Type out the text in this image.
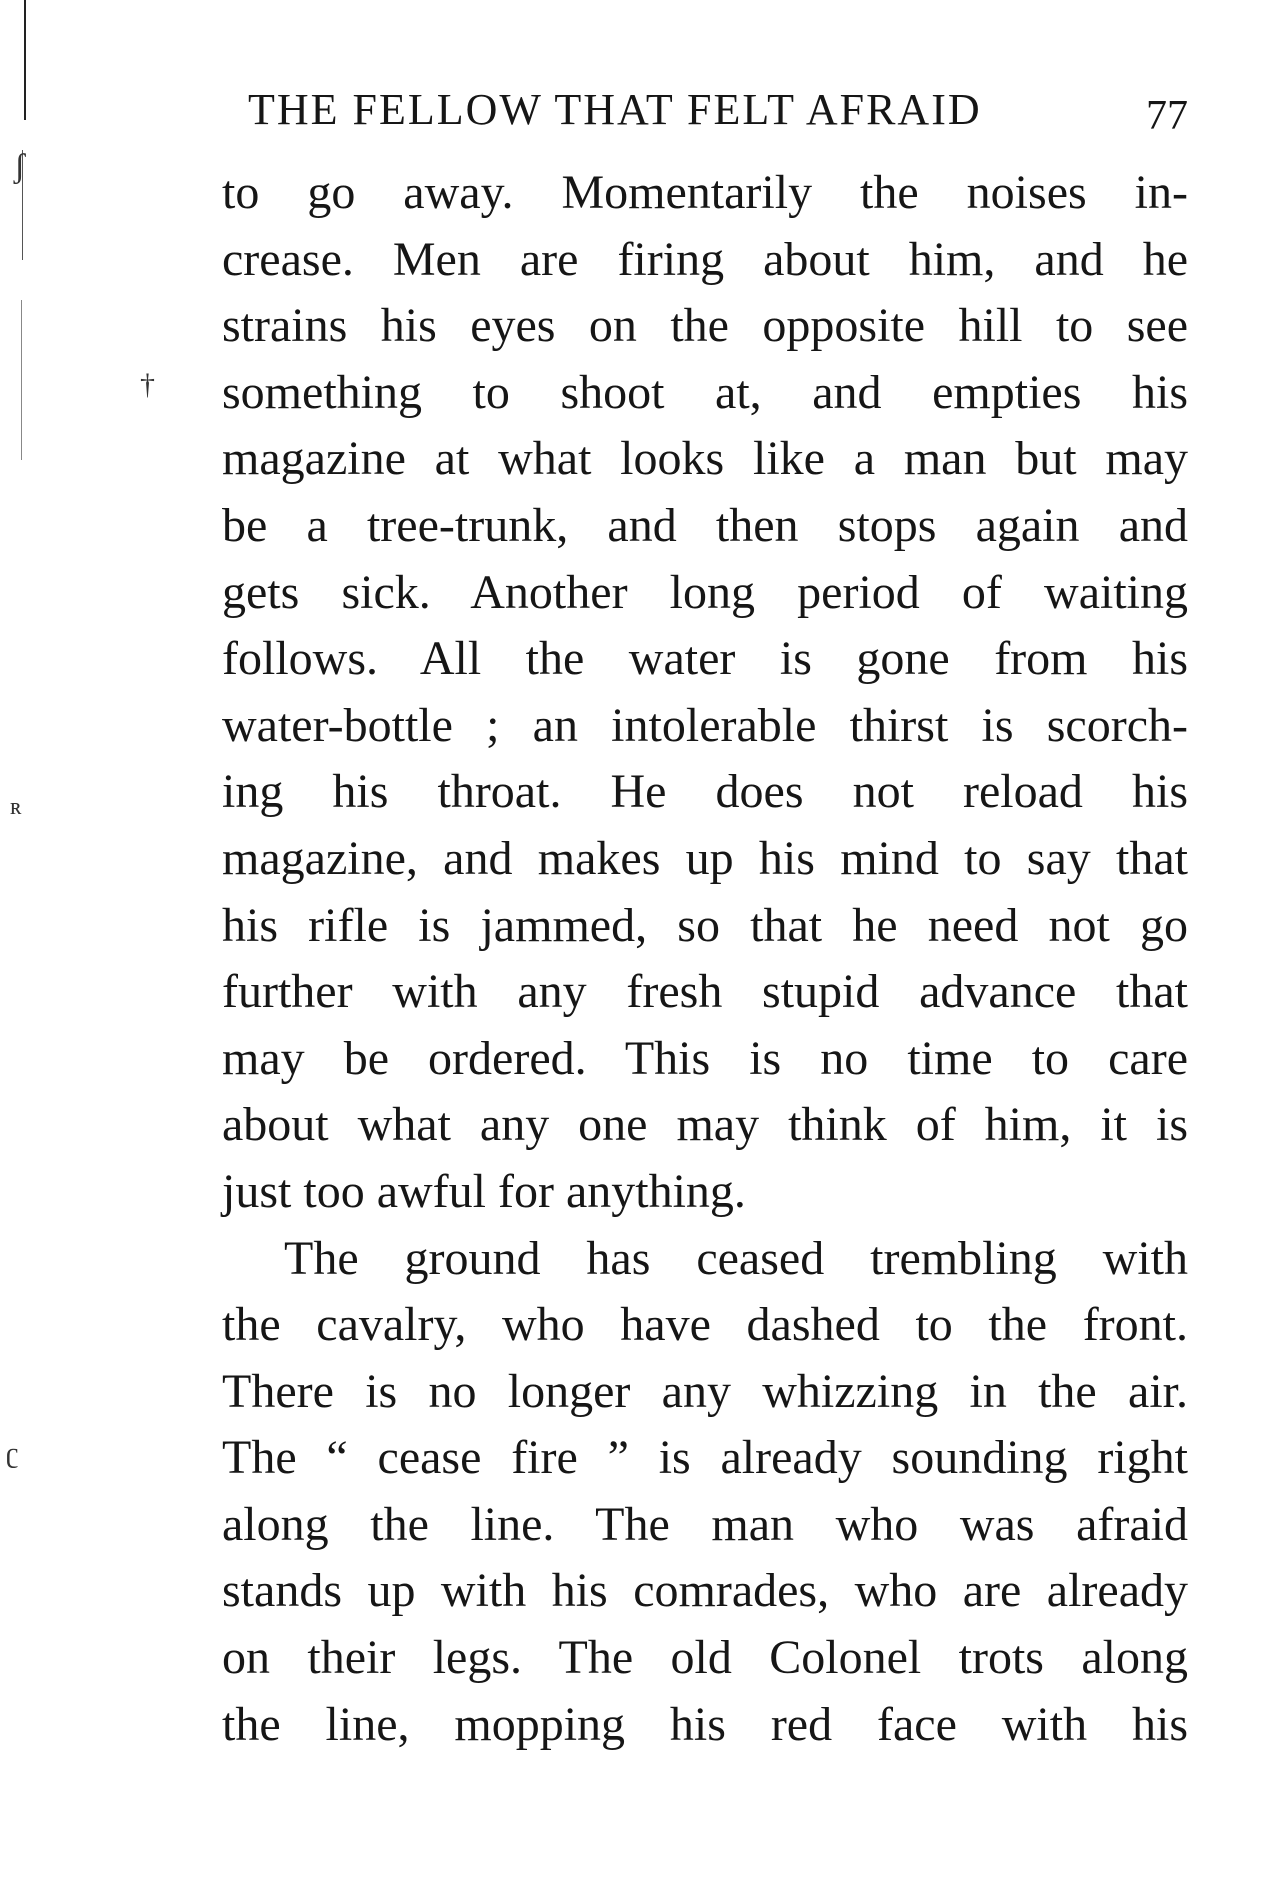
ʃ
†
ʀ
ʗ
THE FELLOW THAT FELT AFRAID	77
to go away. Momentarily the noises in-
crease. Men are firing about him, and he
strains his eyes on the opposite hill to see
something to shoot at, and empties his
magazine at what looks like a man but may
be a tree-trunk, and then stops again and
gets sick. Another long period of waiting
follows. All the water is gone from his
water-bottle ; an intolerable thirst is scorch-
ing his throat. He does not reload his
magazine, and makes up his mind to say that
his rifle is jammed, so that he need not go
further with any fresh stupid advance that
may be ordered. This is no time to care
about what any one may think of him, it is
just too awful for anything.
The ground has ceased trembling with
the cavalry, who have dashed to the front.
There is no longer any whizzing in the air.
The “ cease fire ” is already sounding right
along the line. The man who was afraid
stands up with his comrades, who are already
on their legs. The old Colonel trots along
the line, mopping his red face with his
